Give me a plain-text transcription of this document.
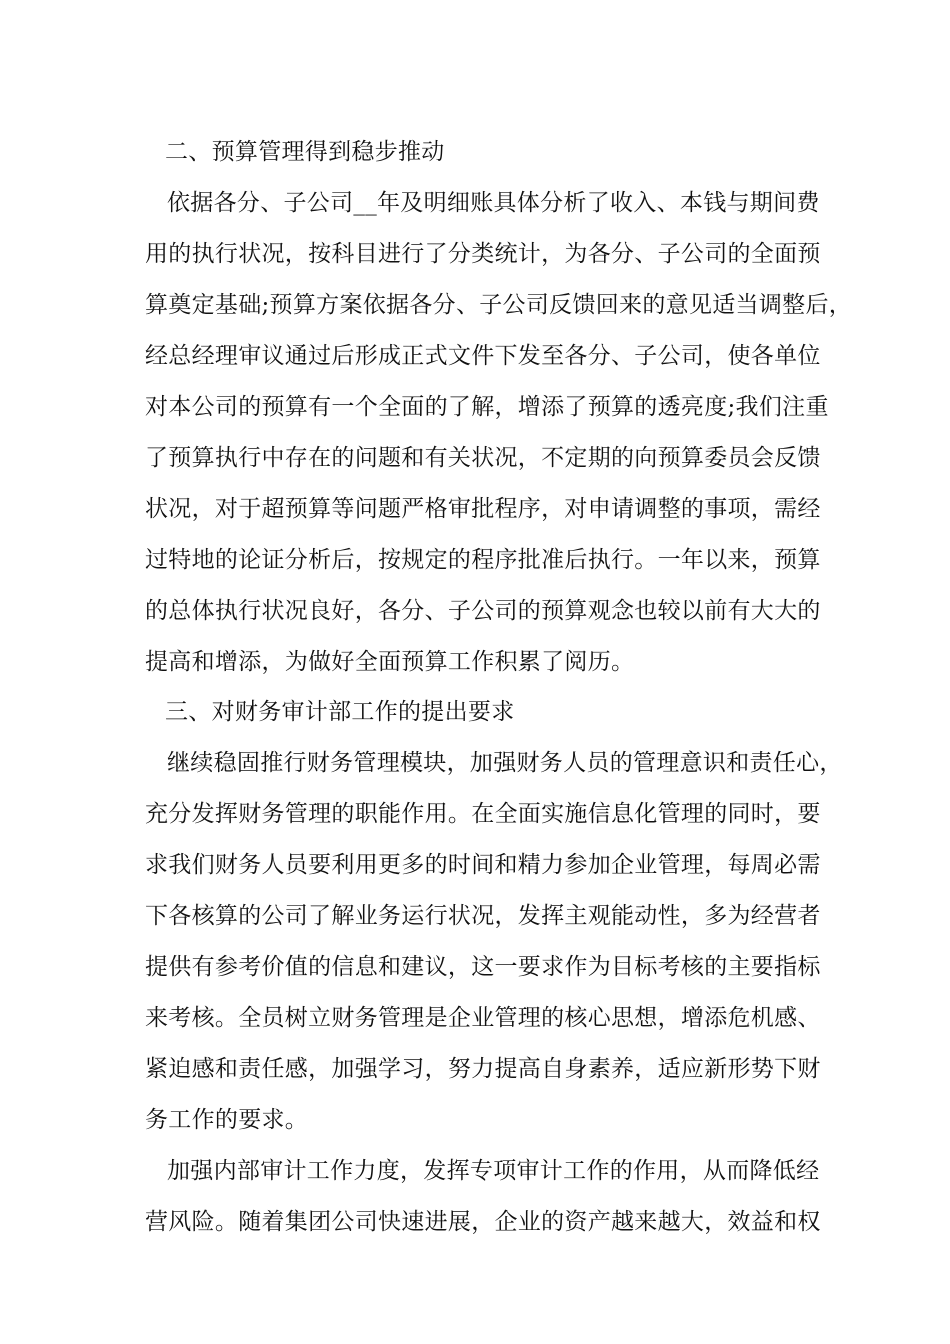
二、预算管理得到稳步推动
依据各分、子公司__年及明细账具体分析了收入、本钱与期间费
用的执行状况，按科目进行了分类统计，为各分、子公司的全面预
算奠定基础;预算方案依据各分、子公司反馈回来的意见适当调整后，
经总经理审议通过后形成正式文件下发至各分、子公司，使各单位
对本公司的预算有一个全面的了解，增添了预算的透亮度;我们注重
了预算执行中存在的问题和有关状况，不定期的向预算委员会反馈
状况，对于超预算等问题严格审批程序，对申请调整的事项，需经
过特地的论证分析后，按规定的程序批准后执行。一年以来，预算
的总体执行状况良好，各分、子公司的预算观念也较以前有大大的
提高和增添，为做好全面预算工作积累了阅历。
三、对财务审计部工作的提出要求
继续稳固推行财务管理模块，加强财务人员的管理意识和责任心，
充分发挥财务管理的职能作用。在全面实施信息化管理的同时，要
求我们财务人员要利用更多的时间和精力参加企业管理，每周必需
下各核算的公司了解业务运行状况，发挥主观能动性，多为经营者
提供有参考价值的信息和建议，这一要求作为目标考核的主要指标
来考核。全员树立财务管理是企业管理的核心思想，增添危机感、
紧迫感和责任感，加强学习，努力提高自身素养，适应新形势下财
务工作的要求。
加强内部审计工作力度，发挥专项审计工作的作用，从而降低经
营风险。随着集团公司快速进展，企业的资产越来越大，效益和权
